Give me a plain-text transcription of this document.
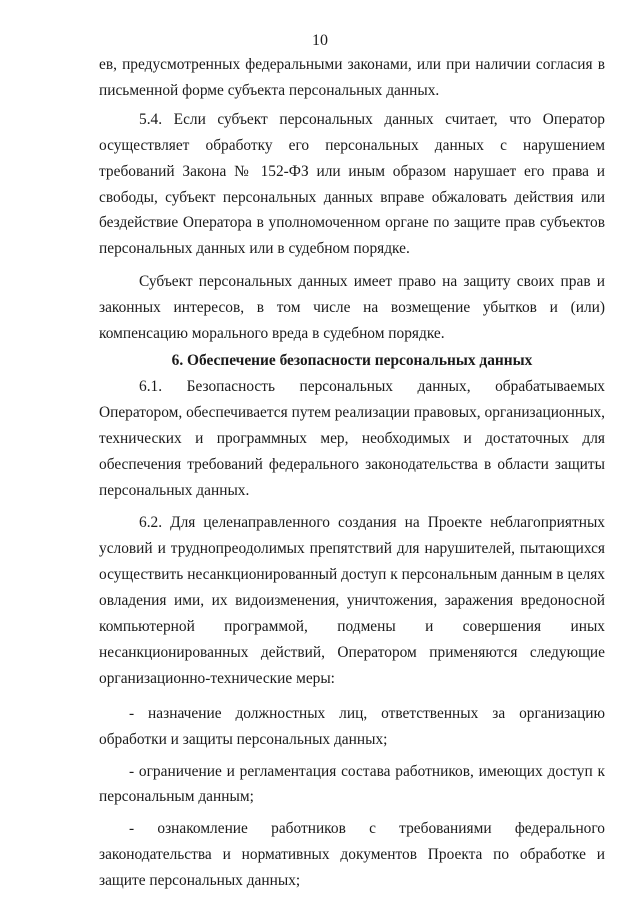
10

ев, предусмотренных федеральными законами, или при наличии согласия в письменной форме субъекта персональных данных.

5.4. Если субъект персональных данных считает, что Оператор осуществляет обработку его персональных данных с нарушением требований Закона № 152-ФЗ или иным образом нарушает его права и свободы, субъект персональных данных вправе обжаловать действия или бездействие Оператора в уполномоченном органе по защите прав субъектов персональных данных или в судебном порядке.

Субъект персональных данных имеет право на защиту своих прав и законных интересов, в том числе на возмещение убытков и (или) компенсацию морального вреда в судебном порядке.

6. Обеспечение безопасности персональных данных

6.1. Безопасность персональных данных, обрабатываемых Оператором, обеспечивается путем реализации правовых, организационных, технических и программных мер, необходимых и достаточных для обеспечения требований федерального законодательства в области защиты персональных данных.

6.2. Для целенаправленного создания на Проекте неблагоприятных условий и труднопреодолимых препятствий для нарушителей, пытающихся осуществить несанкционированный доступ к персональным данным в целях овладения ими, их видоизменения, уничтожения, заражения вредоносной компьютерной программой, подмены и совершения иных несанкционированных действий, Оператором применяются следующие организационно-технические меры:

- назначение должностных лиц, ответственных за организацию обработки и защиты персональных данных;

- ограничение и регламентация состава работников, имеющих доступ к персональным данным;

- ознакомление работников с требованиями федерального законодательства и нормативных документов Проекта по обработке и защите персональных данных;
